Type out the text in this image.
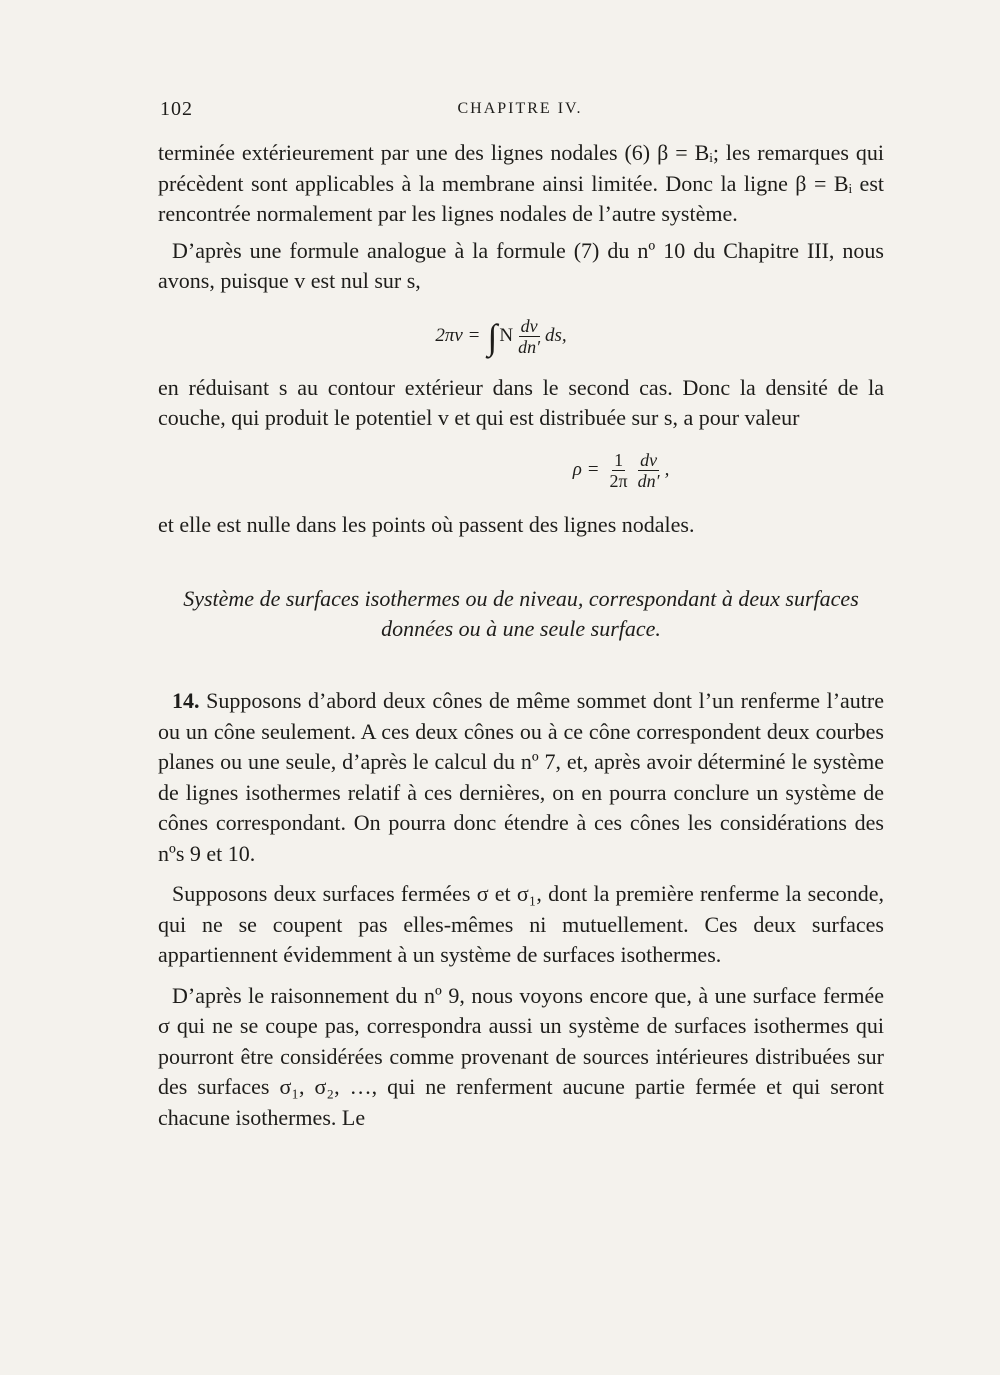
102	CHAPITRE IV.

terminée extérieurement par une des lignes nodales (6) β = Bᵢ; les remarques qui précèdent sont applicables à la membrane ainsi limitée. Donc la ligne β = Bᵢ est rencontrée normalement par les lignes nodales de l’autre système.

D’après une formule analogue à la formule (7) du nº 10 du Chapitre III, nous avons, puisque v est nul sur s,

2πv = ∫ N $\frac{dv}{dn'}$ ds,

en réduisant s au contour extérieur dans le second cas. Donc la densité de la couche, qui produit le potentiel v et qui est distribuée sur s, a pour valeur

$\rho = \frac{1}{2\pi} \frac{dv}{dn'}$ ,

et elle est nulle dans les points où passent des lignes nodales.

Système de surfaces isothermes ou de niveau, correspondant à deux surfaces données ou à une seule surface.

14. Supposons d’abord deux cônes de même sommet dont l’un renferme l’autre ou un cône seulement. A ces deux cônes ou à ce cône correspondent deux courbes planes ou une seule, d’après le calcul du nº 7, et, après avoir déterminé le système de lignes isothermes relatif à ces dernières, on en pourra conclure un système de cônes correspondant. On pourra donc étendre à ces cônes les considérations des nºs 9 et 10.

Supposons deux surfaces fermées σ et σ₁, dont la première renferme la seconde, qui ne se coupent pas elles-mêmes ni mutuellement. Ces deux surfaces appartiennent évidemment à un système de surfaces isothermes.

D’après le raisonnement du nº 9, nous voyons encore que, à une surface fermée σ qui ne se coupe pas, correspondra aussi un système de surfaces isothermes qui pourront être considérées comme provenant de sources intérieures distribuées sur des surfaces σ₁, σ₂, …, qui ne renferment aucune partie fermée et qui seront chacune isothermes. Le
